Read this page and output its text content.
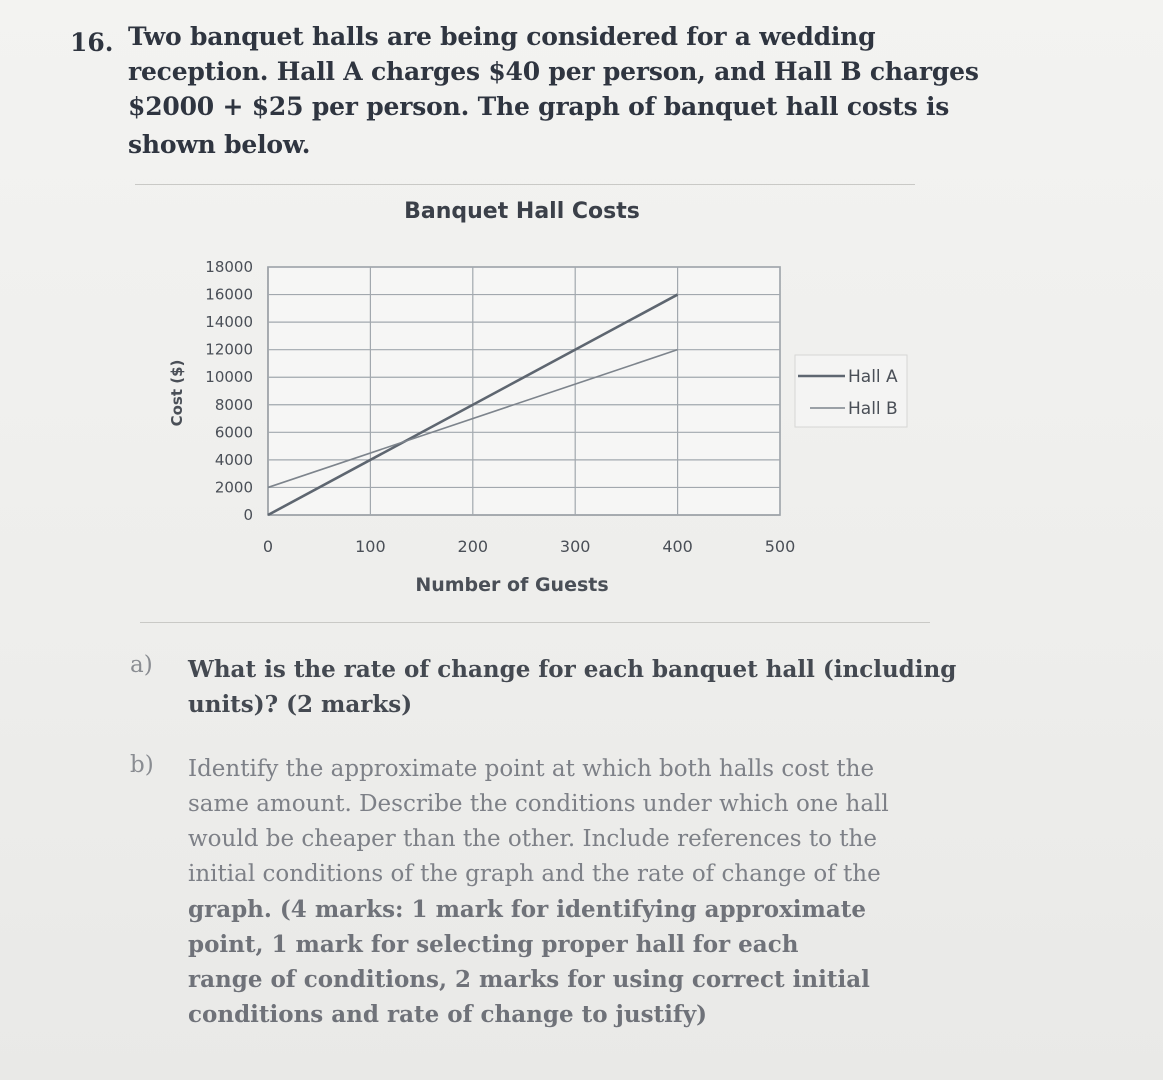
16. Two banquet halls are being considered for a wedding
reception. Hall A charges $40 per person, and Hall B charges
$2000 + $25 per person. The graph of banquet hall costs is
shown below.
Banquet Hall Costs
0
2000
4000
6000
8000
10000
12000
14000
16000
18000
0	100	200	300	400	500
Cost ($)
Number of Guests
Hall A
Hall B
a) What is the rate of change for each banquet hall (including
units)? (2 marks)
b) Identify the approximate point at which both halls cost the
same amount. Describe the conditions under which one hall
would be cheaper than the other. Include references to the
initial conditions of the graph and the rate of change of the
graph. (4 marks: 1 mark for identifying approximate
point, 1 mark for selecting proper hall for each
range of conditions, 2 marks for using correct initial
conditions and rate of change to justify)
